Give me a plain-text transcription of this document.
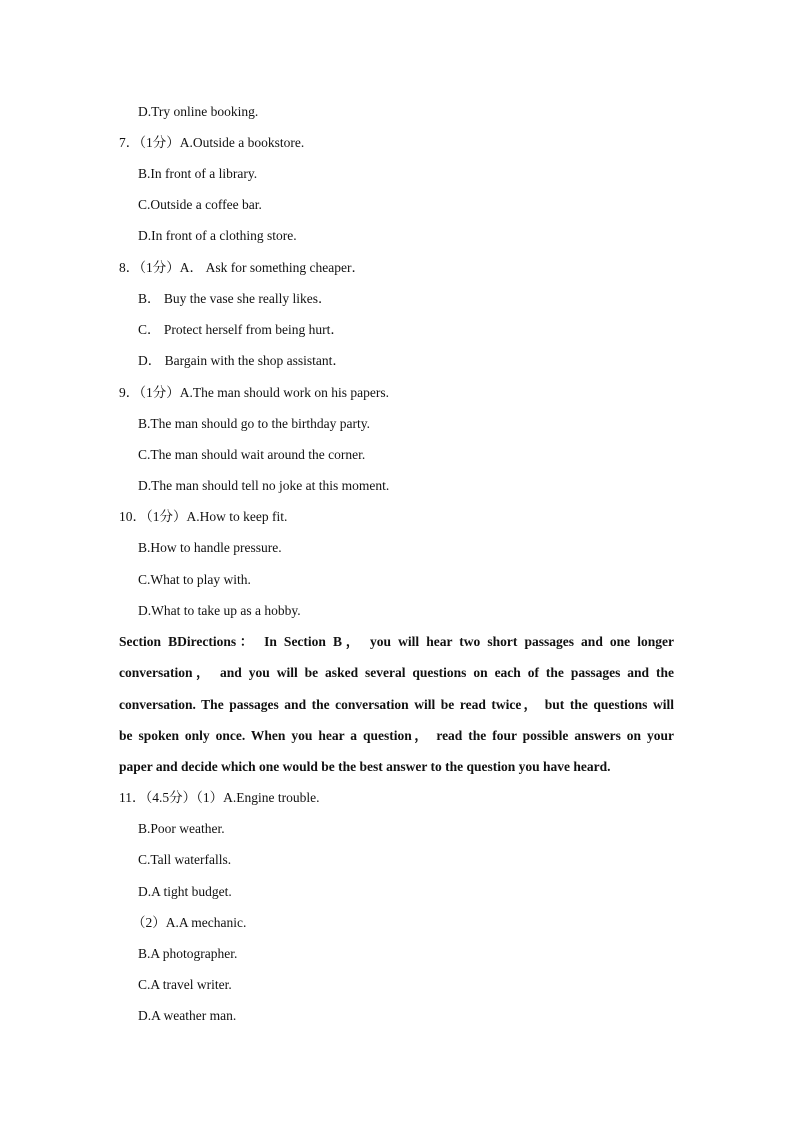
D.Try online booking.
7．（1分）A.Outside a bookstore.
B.In front of a library.
C.Outside a coffee bar.
D.In front of a clothing store.
8．（1分）A． Ask for something cheaper．
B． Buy the vase she really likes．
C． Protect herself from being hurt．
D． Bargain with the shop assistant．
9．（1分）A.The man should work on his papers.
B.The man should go to the birthday party.
C.The man should wait around the corner.
D.The man should tell no joke at this moment.
10．（1分）A.How to keep fit.
B.How to handle pressure.
C.What to play with.
D.What to take up as a hobby.
Section BDirections： In Section B， you will hear two short passages and one longer
conversation， and you will be asked several questions on each of the passages and the
conversation. The passages and the conversation will be read twice， but the questions will
be spoken only once. When you hear a question， read the four possible answers on your
paper and decide which one would be the best answer to the question you have heard.
11．（4.5分）（1）A.Engine trouble.
B.Poor weather.
C.Tall waterfalls.
D.A tight budget.
（2）A.A mechanic.
B.A photographer.
C.A travel writer.
D.A weather man.
